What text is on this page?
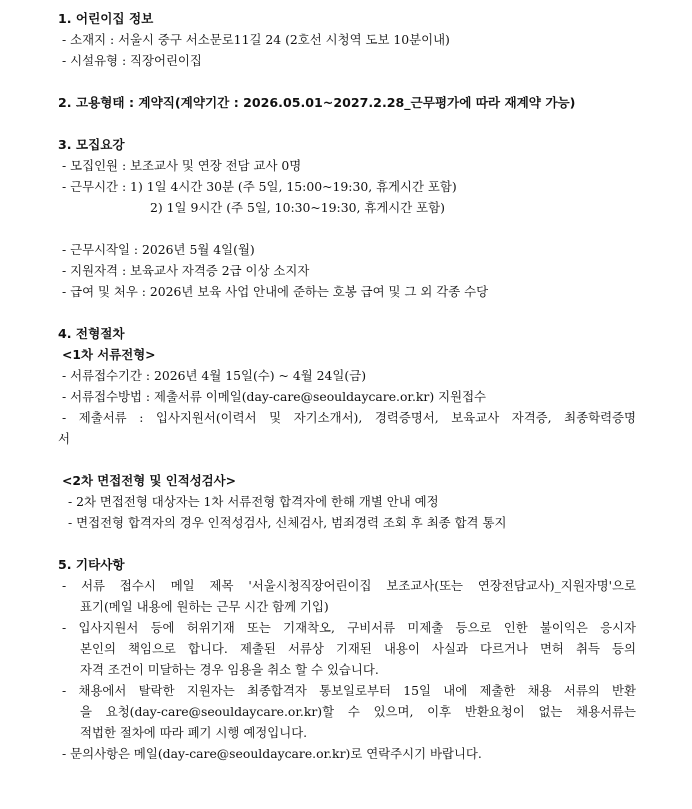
1. 어린이집 정보

- 소재지 : 서울시 중구 서소문로11길 24 (2호선 시청역 도보 10분이내)

- 시설유형 : 직장어린이집

2. 고용형태 : 계약직(계약기간 : 2026.05.01~2027.2.28_근무평가에 따라 재계약 가능)

3. 모집요강

- 모집인원 : 보조교사 및 연장 전담 교사 0명

- 근무시간 : 1) 1일 4시간 30분 (주 5일, 15:00~19:30, 휴게시간 포함)

2) 1일 9시간 (주 5일, 10:30~19:30, 휴게시간 포함)

- 근무시작일 : 2026년 5월 4일(월)

- 지원자격 : 보육교사 자격증 2급 이상 소지자

- 급여 및 처우 : 2026년 보육 사업 안내에 준하는 호봉 급여 및 그 외 각종 수당

4. 전형절차

<1차 서류전형>

- 서류접수기간 : 2026년 4월 15일(수) ~ 4월 24일(금)

- 서류접수방법 : 제출서류 이메일(day-care@seouldaycare.or.kr) 지원접수

- 제출서류 : 입사지원서(이력서 및 자기소개서), 경력증명서, 보육교사 자격증, 최종학력증명

서

<2차 면접전형 및 인적성검사>

- 2차 면접전형 대상자는 1차 서류전형 합격자에 한해 개별 안내 예정

- 면접전형 합격자의 경우 인적성검사, 신체검사, 범죄경력 조회 후 최종 합격 통지

5. 기타사항

- 서류 접수시 메일 제목 '서울시청직장어린이집 보조교사(또는 연장전담교사)_지원자명'으로

표기(메일 내용에 원하는 근무 시간 함께 기입)

- 입사지원서 등에 허위기재 또는 기재착오, 구비서류 미제출 등으로 인한 불이익은 응시자

본인의 책임으로 합니다. 제출된 서류상 기재된 내용이 사실과 다르거나 면허 취득 등의

자격 조건이 미달하는 경우 임용을 취소 할 수 있습니다.

- 채용에서 탈락한 지원자는 최종합격자 통보일로부터 15일 내에 제출한 채용 서류의 반환

을 요청(day-care@seouldaycare.or.kr)할 수 있으며, 이후 반환요청이 없는 채용서류는

적법한 절차에 따라 폐기 시행 예정입니다.

- 문의사항은 메일(day-care@seouldaycare.or.kr)로 연락주시기 바랍니다.
